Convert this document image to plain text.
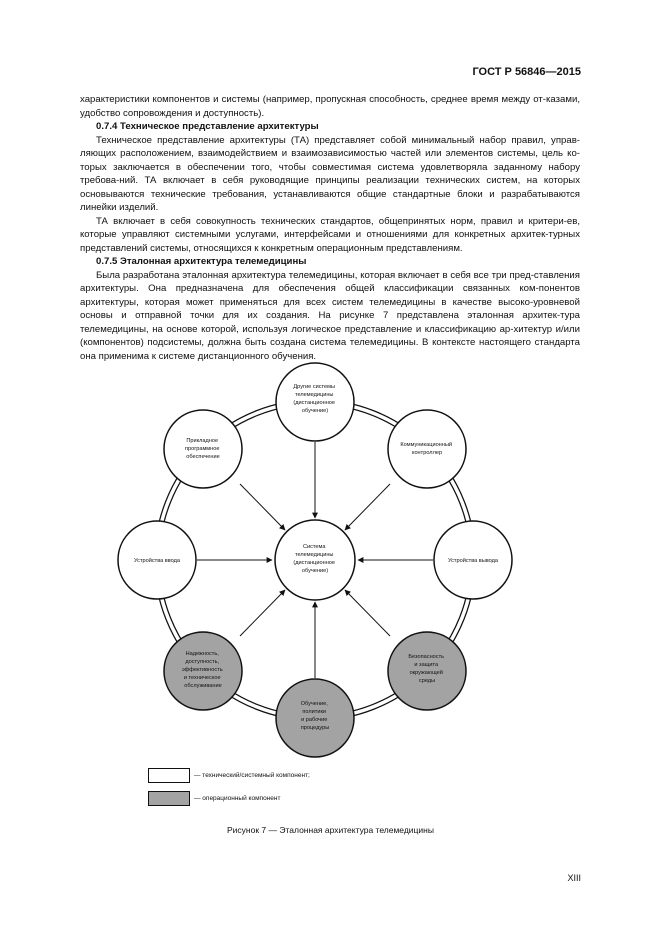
ГОСТ Р 56846—2015

характеристики компонентов и системы (например, пропускная способность, среднее время между от-казами, удобство сопровождения и доступность).

0.7.4 Техническое представление архитектуры

Техническое представление архитектуры (ТА) представляет собой минимальный набор правил, управ-ляющих расположением, взаимодействием и взаимозависимостью частей или элементов системы, цель ко-торых заключается в обеспечении того, чтобы совместимая система удовлетворяла заданному набору требова-ний. ТА включает в себя руководящие принципы реализации технических систем, на которых основываются технические требования, устанавливаются общие стандартные блоки и разрабатываются линейки изделий.

ТА включает в себя совокупность технических стандартов, общепринятых норм, правил и критери-ев, которые управляют системными услугами, интерфейсами и отношениями для конкретных архитек-турных представлений системы, относящихся к конкретным операционным представлениям.

0.7.5 Эталонная архитектура телемедицины

Была разработана эталонная архитектура телемедицины, которая включает в себя все три пред-ставления архитектуры. Она предназначена для обеспечения общей классификации связанных ком-понентов архитектуры, которая может применяться для всех систем телемедицины в качестве высоко-уровневой основы и отправной точки для их создания. На рисунке 7 представлена эталонная архитек-тура телемедицины, на основе которой, используя логическое представление и классификацию ар-хитектур и/или (компонентов) подсистемы, должна быть создана система телемедицины. В контексте настоящего стандарта она применима к системе дистанционного обучения.

Система телемедицины (дистанционное обучение)
Другие системы телемедицины (дистанционное обучение)
Коммуникационный контроллер
Устройства вывода
Безопасность и защита окружающей среды
Обучение, политики и рабочие процедуры
Надежность, доступность, эффективность и техническое обслуживание
Устройства ввода
Прикладное программное обеспечение
— технический/системный компонент;
— операционный компонент
Рисунок 7 — Эталонная архитектура телемедицины
XIII
